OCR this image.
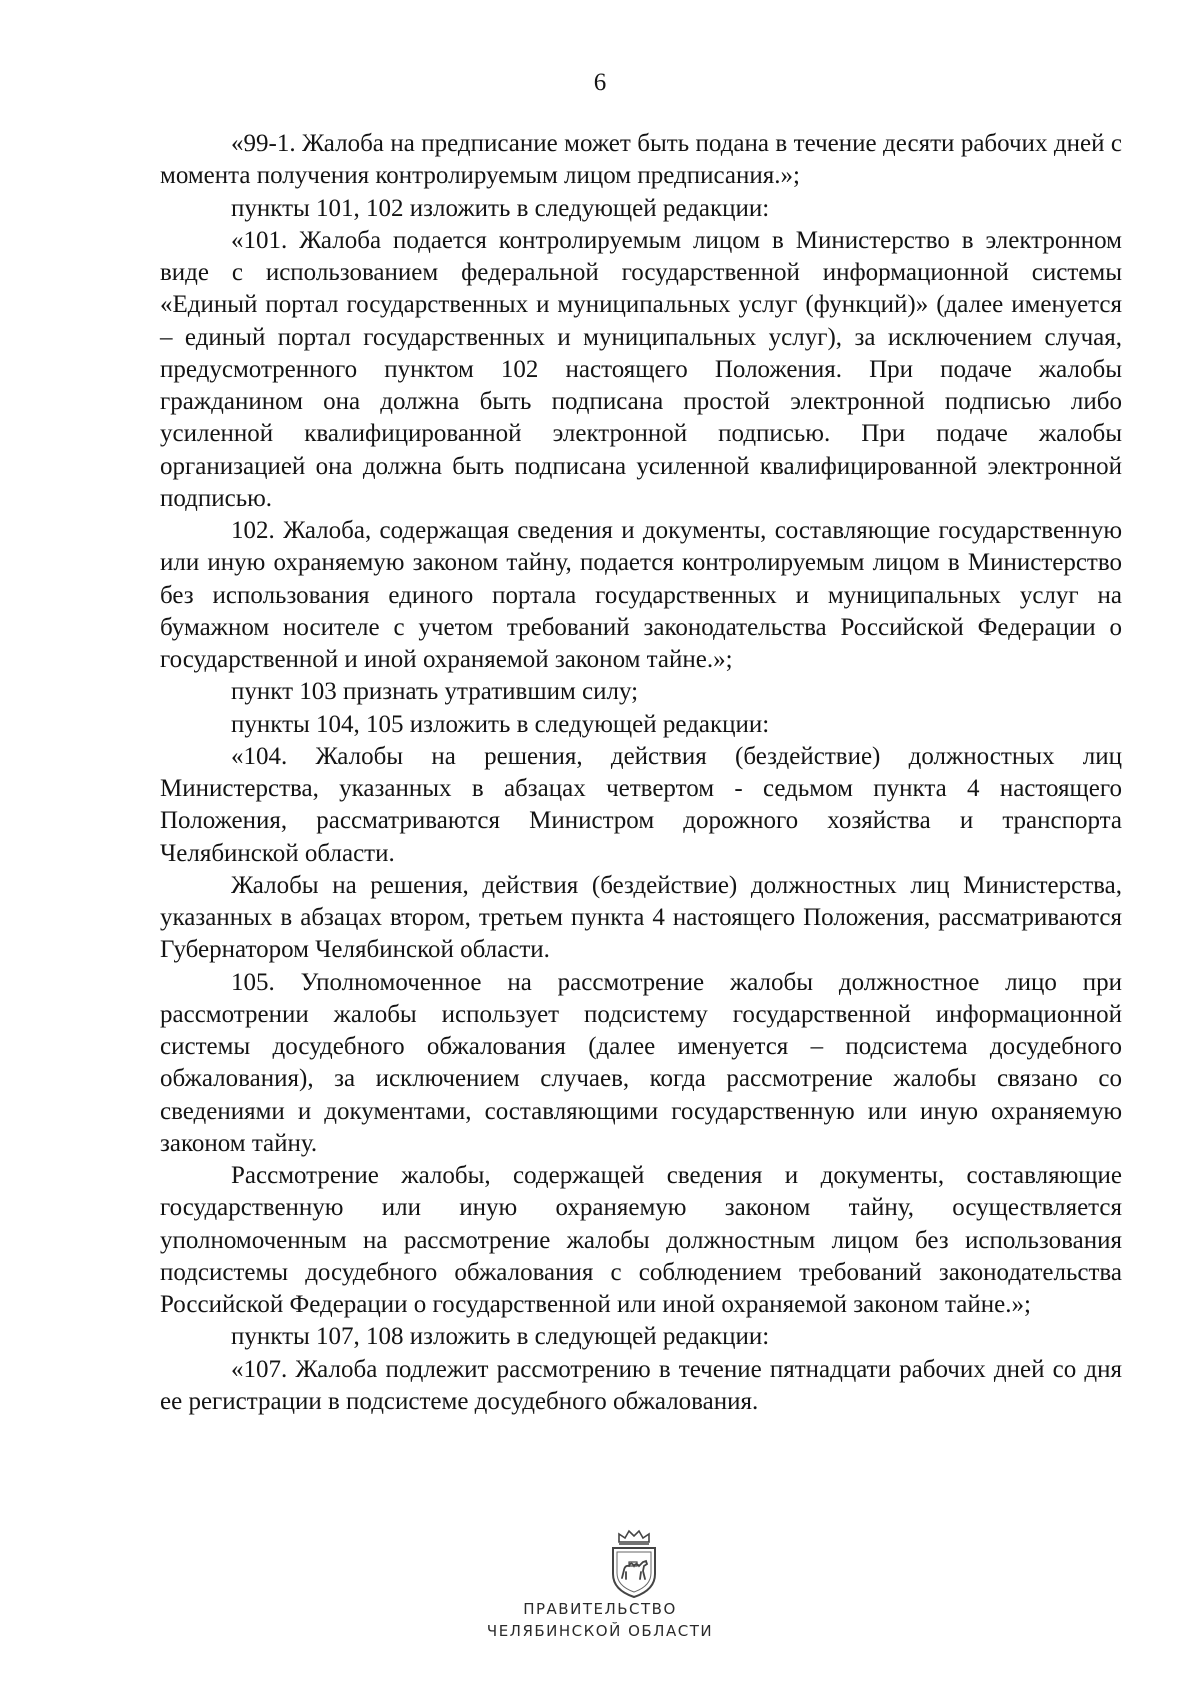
6

«99-1. Жалоба на предписание может быть подана в течение десяти рабочих дней с момента получения контролируемым лицом предписания.»;

пункты 101, 102 изложить в следующей редакции:

«101. Жалоба подается контролируемым лицом в Министерство в электронном виде с использованием федеральной государственной информационной системы «Единый портал государственных и муниципальных услуг (функций)» (далее именуется – единый портал государственных и муниципальных услуг), за исключением случая, предусмотренного пунктом 102 настоящего Положения. При подаче жалобы гражданином она должна быть подписана простой электронной подписью либо усиленной квалифицированной электронной подписью. При подаче жалобы организацией она должна быть подписана усиленной квалифицированной электронной подписью.

102. Жалоба, содержащая сведения и документы, составляющие государственную или иную охраняемую законом тайну, подается контролируемым лицом в Министерство без использования единого портала государственных и муниципальных услуг на бумажном носителе с учетом требований законодательства Российской Федерации о государственной и иной охраняемой законом тайне.»;

пункт 103 признать утратившим силу;

пункты 104, 105 изложить в следующей редакции:

«104. Жалобы на решения, действия (бездействие) должностных лиц Министерства, указанных в абзацах четвертом - седьмом пункта 4 настоящего Положения, рассматриваются Министром дорожного хозяйства и транспорта Челябинской области.

Жалобы на решения, действия (бездействие) должностных лиц Министерства, указанных в абзацах втором, третьем пункта 4 настоящего Положения, рассматриваются Губернатором Челябинской области.

105. Уполномоченное на рассмотрение жалобы должностное лицо при рассмотрении жалобы использует подсистему государственной информационной системы досудебного обжалования (далее именуется – подсистема досудебного обжалования), за исключением случаев, когда рассмотрение жалобы связано со сведениями и документами, составляющими государственную или иную охраняемую законом тайну.

Рассмотрение жалобы, содержащей сведения и документы, составляющие государственную или иную охраняемую законом тайну, осуществляется уполномоченным на рассмотрение жалобы должностным лицом без использования подсистемы досудебного обжалования с соблюдением требований законодательства Российской Федерации о государственной или иной охраняемой законом тайне.»;

пункты 107, 108 изложить в следующей редакции:

«107. Жалоба подлежит рассмотрению в течение пятнадцати рабочих дней со дня ее регистрации в подсистеме досудебного обжалования.

ПРАВИТЕЛЬСТВО
ЧЕЛЯБИНСКОЙ ОБЛАСТИ
